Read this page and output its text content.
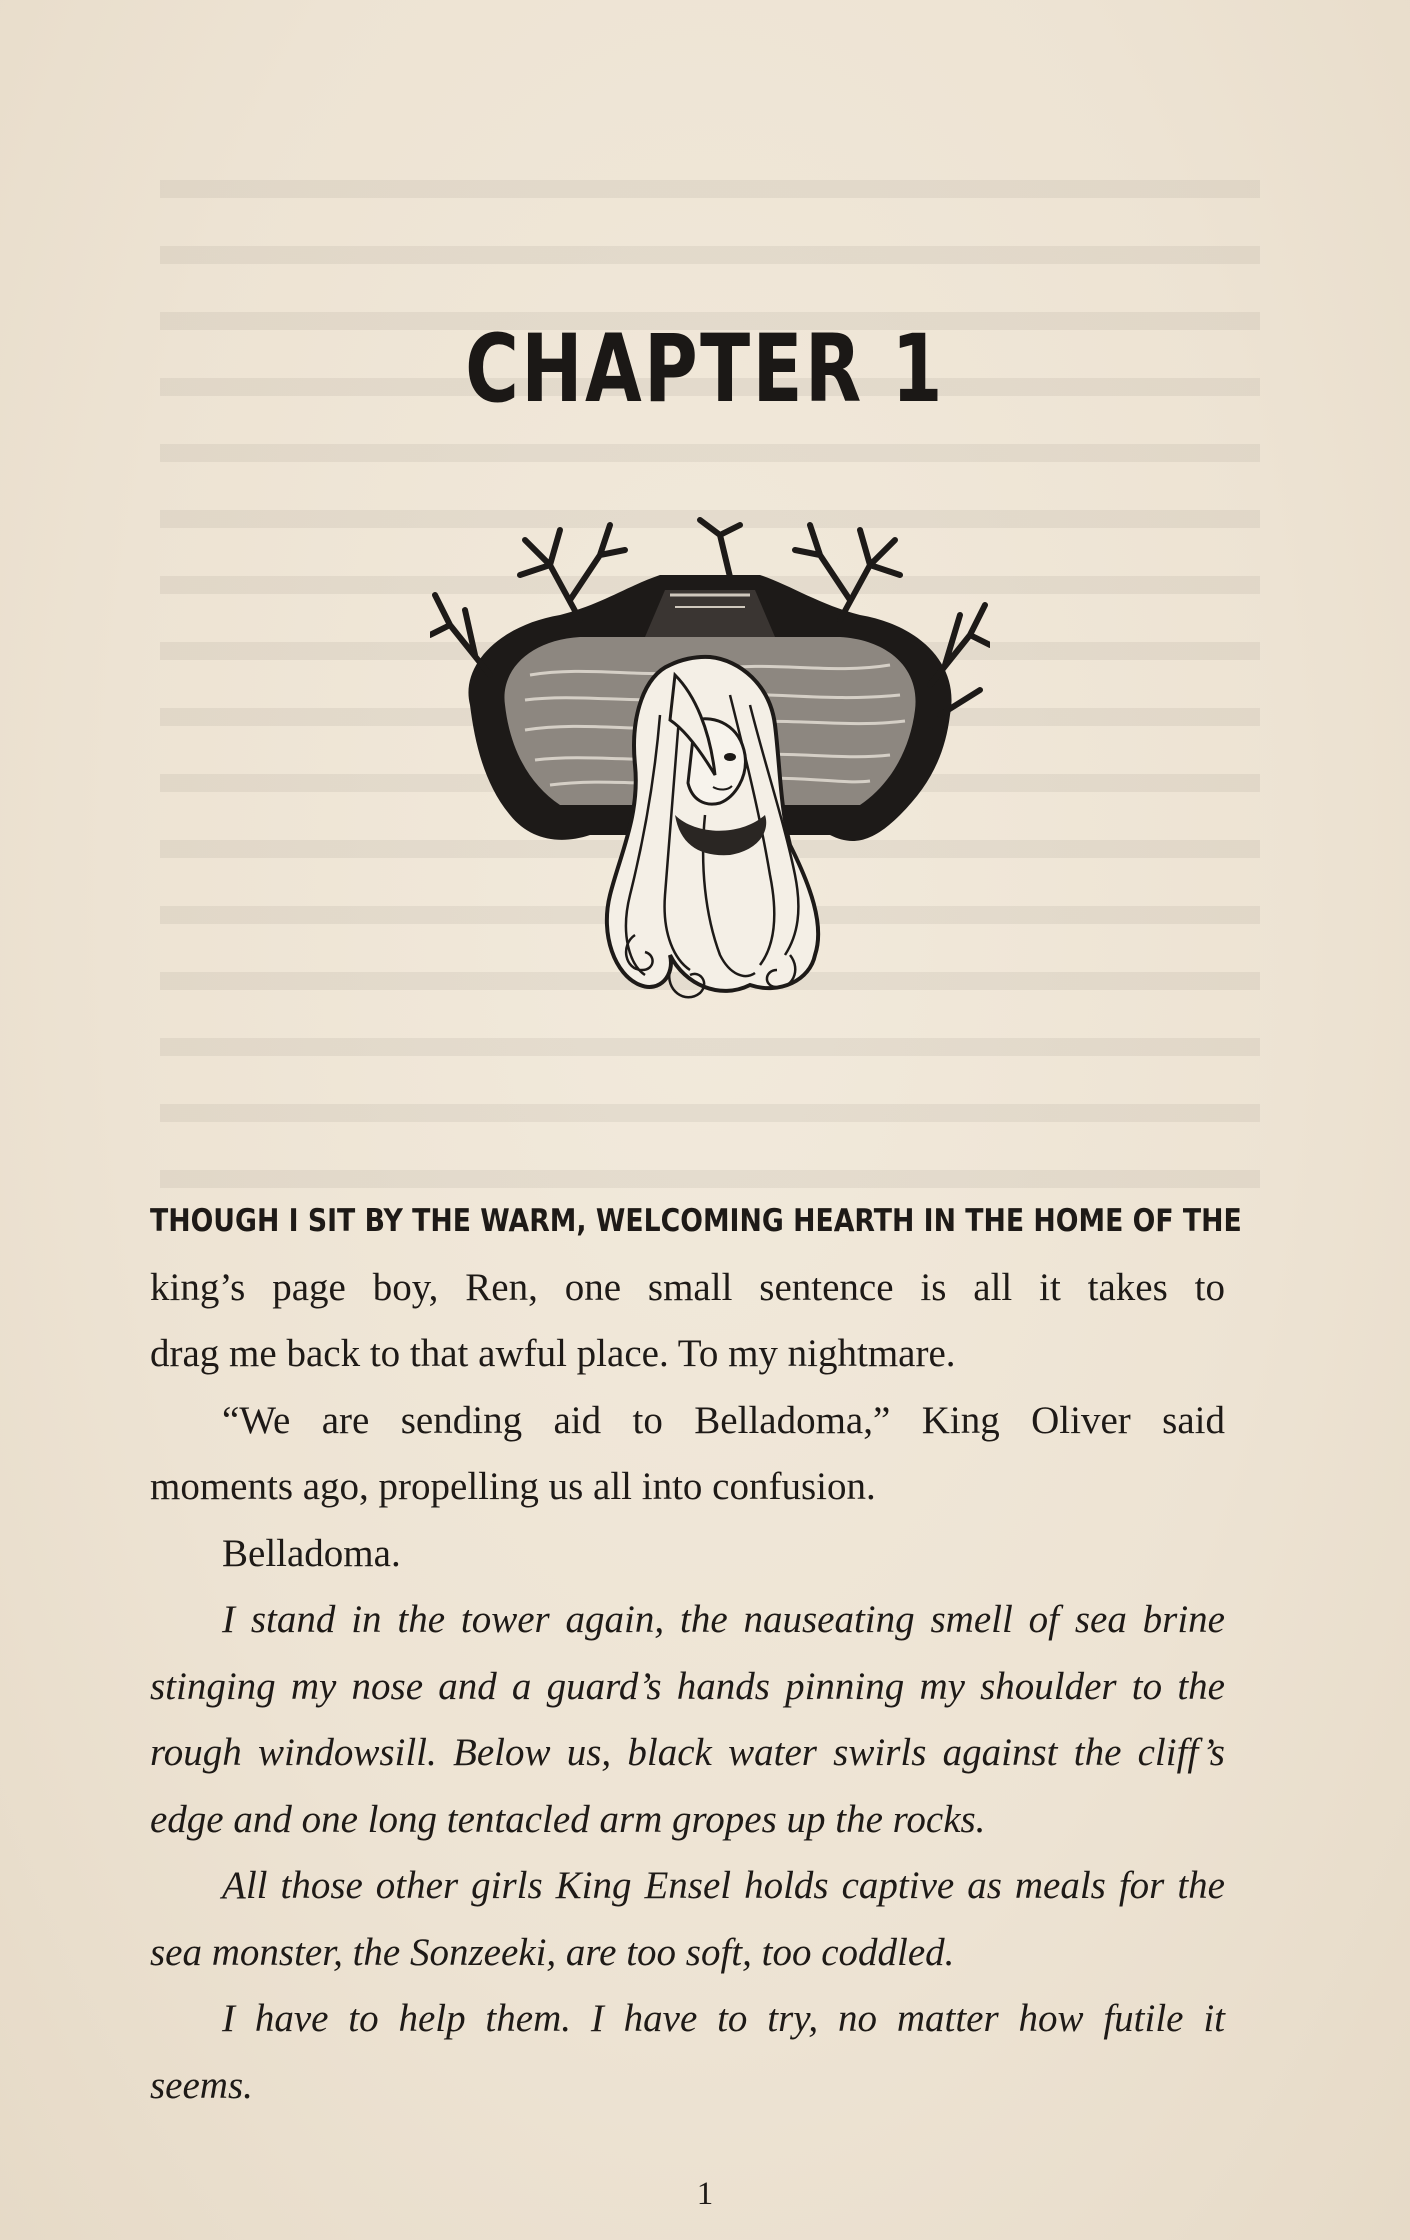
CHAPTER 1
THOUGH I SIT BY THE WARM, WELCOMING HEARTH IN THE HOME OF THE
king’s page boy, Ren, one small sentence is all it takes to
drag me back to that awful place. To my nightmare.
“We are sending aid to Belladoma,” King Oliver said
moments ago, propelling us all into confusion.
Belladoma.
I stand in the tower again, the nauseating smell of sea brine
stinging my nose and a guard’s hands pinning my shoulder to the
rough windowsill. Below us, black water swirls against the cliff’s
edge and one long tentacled arm gropes up the rocks.
All those other girls King Ensel holds captive as meals for the
sea monster, the Sonzeeki, are too soft, too coddled.
I have to help them. I have to try, no matter how futile it
seems.
1
